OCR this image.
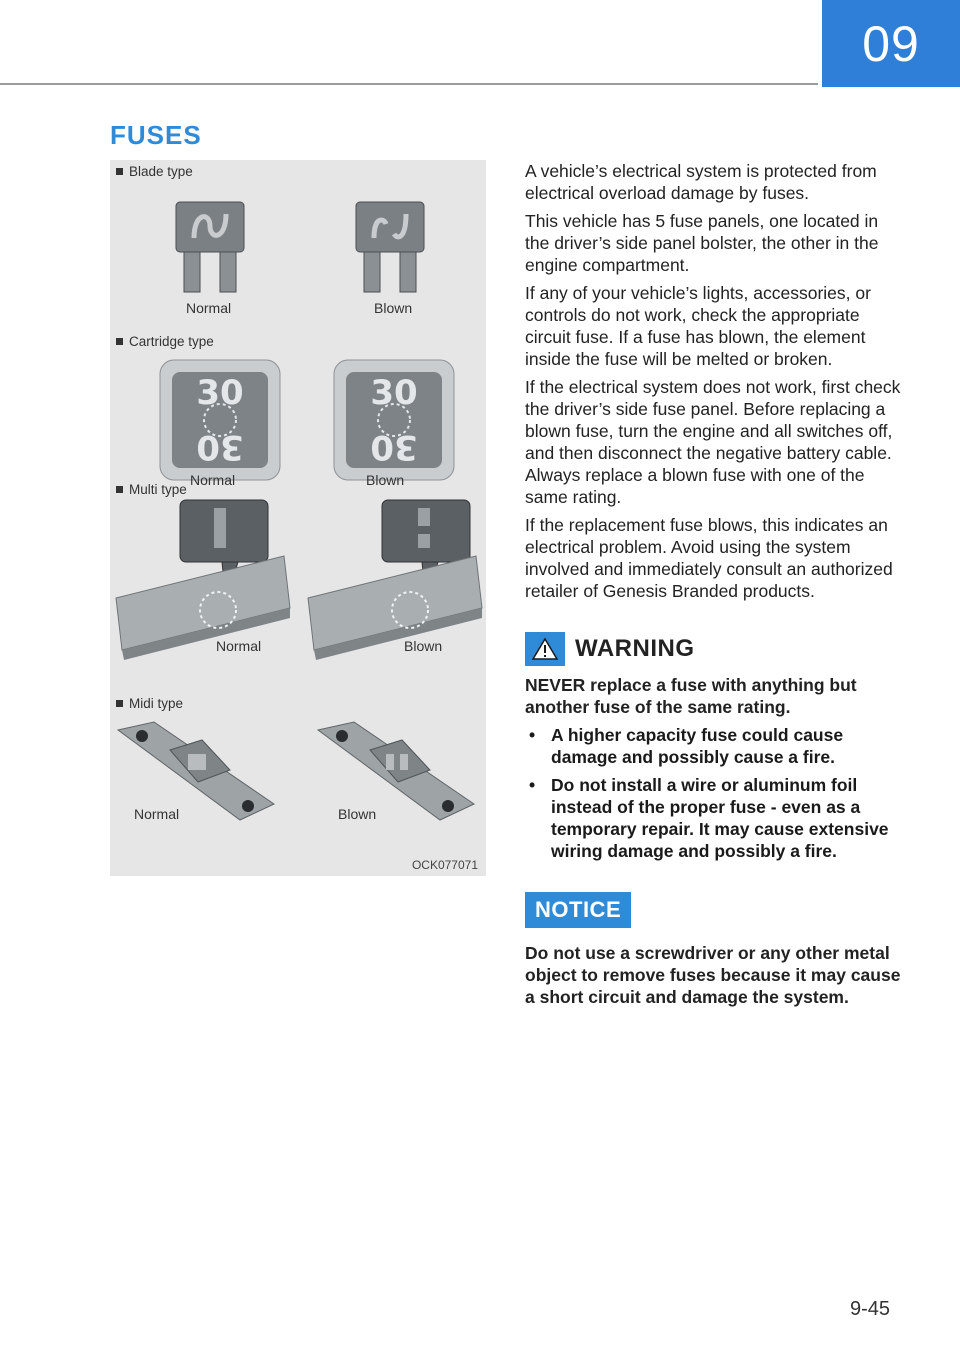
09
FUSES
Blade type
Normal	Blown
Cartridge type
30
30
30
30
Normal	Blown
Multi type
Normal	Blown
Midi type
Normal	Blown
OCK077071

A vehicle’s electrical system is protected from electrical overload damage by fuses.

This vehicle has 5 fuse panels, one located in the driver’s side panel bolster, the other in the engine compartment.

If any of your vehicle’s lights, accessories, or controls do not work, check the appropriate circuit fuse. If a fuse has blown, the element inside the fuse will be melted or broken.

If the electrical system does not work, first check the driver’s side fuse panel. Before replacing a blown fuse, turn the engine and all switches off, and then disconnect the negative battery cable. Always replace a blown fuse with one of the same rating.

If the replacement fuse blows, this indicates an electrical problem. Avoid using the system involved and immediately consult an authorized retailer of Genesis Branded products.

WARNING

NEVER replace a fuse with anything but another fuse of the same rating.

• A higher capacity fuse could cause damage and possibly cause a fire.
• Do not install a wire or aluminum foil instead of the proper fuse - even as a temporary repair. It may cause extensive wiring damage and possibly a fire.
NOTICE

Do not use a screwdriver or any other metal object to remove fuses because it may cause a short circuit and damage the system.

9-45
